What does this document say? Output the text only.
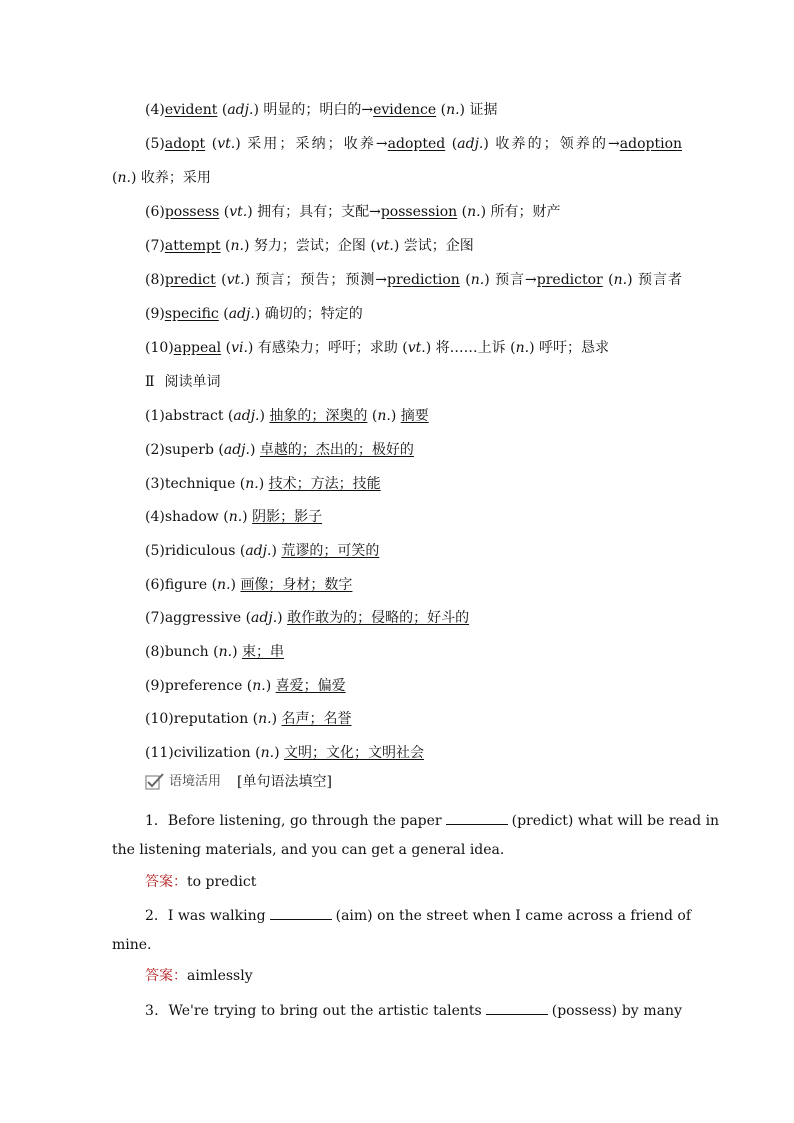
(4)evident (adj.) 明显的；明白的→evidence (n.) 证据
(5)adopt (vt.) 采用；采纳；收养→adopted (adj.) 收养的；领养的→adoption
(n.) 收养；采用
(6)possess (vt.) 拥有；具有；支配→possession (n.) 所有；财产
(7)attempt (n.) 努力；尝试；企图 (vt.) 尝试；企图
(8)predict (vt.) 预言；预告；预测→prediction (n.) 预言→predictor (n.) 预言者
(9)specific (adj.) 确切的；特定的
(10)appeal (vi.) 有感染力；呼吁；求助 (vt.) 将……上诉 (n.) 呼吁；恳求
Ⅱ 阅读单词
(1)abstract (adj.) 抽象的；深奥的 (n.) 摘要
(2)superb (adj.) 卓越的；杰出的；极好的
(3)technique (n.) 技术；方法；技能
(4)shadow (n.) 阴影；影子
(5)ridiculous (adj.) 荒谬的；可笑的
(6)figure (n.) 画像；身材；数字
(7)aggressive (adj.) 敢作敢为的；侵略的；好斗的
(8)bunch (n.) 束；串
(9)preference (n.) 喜爱；偏爱
(10)reputation (n.) 名声；名誉
(11)civilization (n.) 文明；文化；文明社会
语境活用 [单句语法填空]
1．Before listening, go through the paper	(predict) what will be read in
the listening materials, and you can get a general idea.
答案：to predict
2．I was walking	(aim) on the street when I came across a friend of
mine.
答案：aimlessly
3．We're trying to bring out the artistic talents	(possess) by many
